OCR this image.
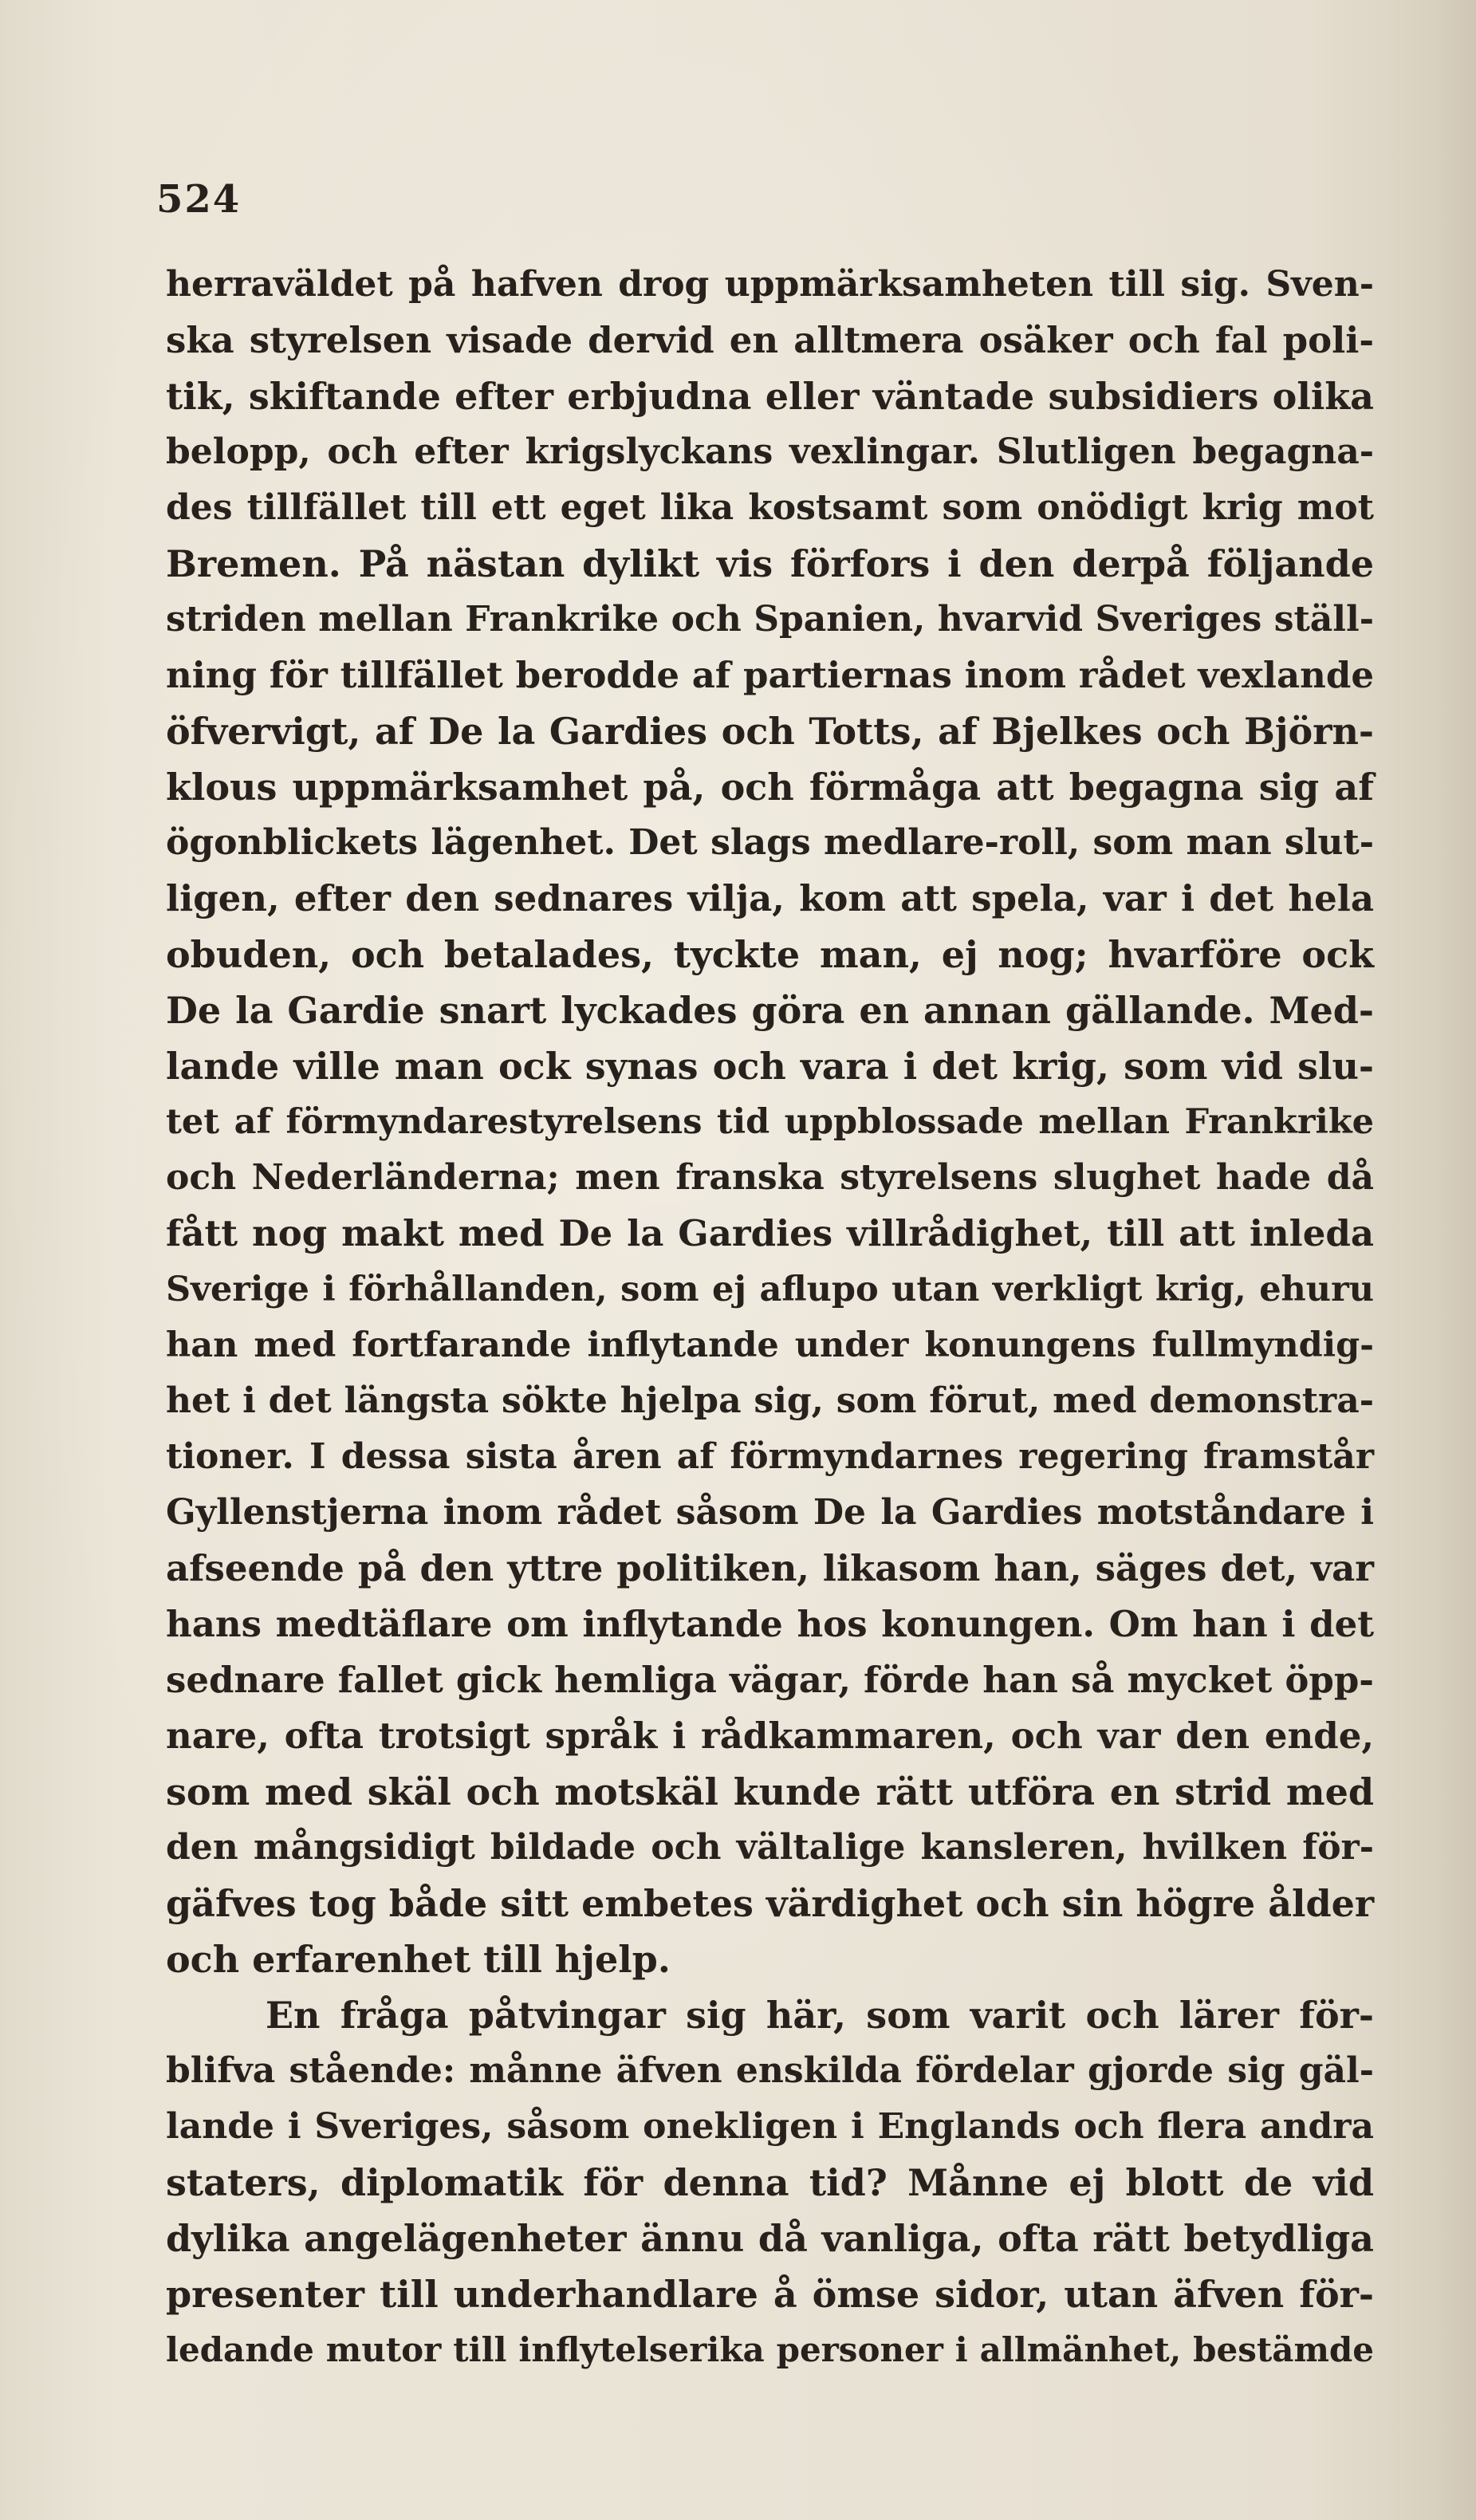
524
herraväldet på hafven drog uppmärksamheten till sig. Sven-
ska styrelsen visade dervid en alltmera osäker och fal poli-
tik, skiftande efter erbjudna eller väntade subsidiers olika
belopp, och efter krigslyckans vexlingar. Slutligen begagna-
des tillfället till ett eget lika kostsamt som onödigt krig mot
Bremen. På nästan dylikt vis förfors i den derpå följande
striden mellan Frankrike och Spanien, hvarvid Sveriges ställ-
ning för tillfället berodde af partiernas inom rådet vexlande
öfvervigt, af De la Gardies och Totts, af Bjelkes och Björn-
klous uppmärksamhet på, och förmåga att begagna sig af
ögonblickets lägenhet. Det slags medlare-roll, som man slut-
ligen, efter den sednares vilja, kom att spela, var i det hela
obuden, och betalades, tyckte man, ej nog; hvarföre ock
De la Gardie snart lyckades göra en annan gällande. Med-
lande ville man ock synas och vara i det krig, som vid slu-
tet af förmyndarestyrelsens tid uppblossade mellan Frankrike
och Nederländerna; men franska styrelsens slughet hade då
fått nog makt med De la Gardies villrådighet, till att inleda
Sverige i förhållanden, som ej aflupo utan verkligt krig, ehuru
han med fortfarande inflytande under konungens fullmyndig-
het i det längsta sökte hjelpa sig, som förut, med demonstra-
tioner. I dessa sista åren af förmyndarnes regering framstår
Gyllenstjerna inom rådet såsom De la Gardies motståndare i
afseende på den yttre politiken, likasom han, säges det, var
hans medtäflare om inflytande hos konungen. Om han i det
sednare fallet gick hemliga vägar, förde han så mycket öpp-
nare, ofta trotsigt språk i rådkammaren, och var den ende,
som med skäl och motskäl kunde rätt utföra en strid med
den mångsidigt bildade och vältalige kansleren, hvilken för-
gäfves tog både sitt embetes värdighet och sin högre ålder
och erfarenhet till hjelp.
En fråga påtvingar sig här, som varit och lärer för-
blifva stående: månne äfven enskilda fördelar gjorde sig gäl-
lande i Sveriges, såsom onekligen i Englands och flera andra
staters, diplomatik för denna tid? Månne ej blott de vid
dylika angelägenheter ännu då vanliga, ofta rätt betydliga
presenter till underhandlare å ömse sidor, utan äfven för-
ledande mutor till inflytelserika personer i allmänhet, bestämde
